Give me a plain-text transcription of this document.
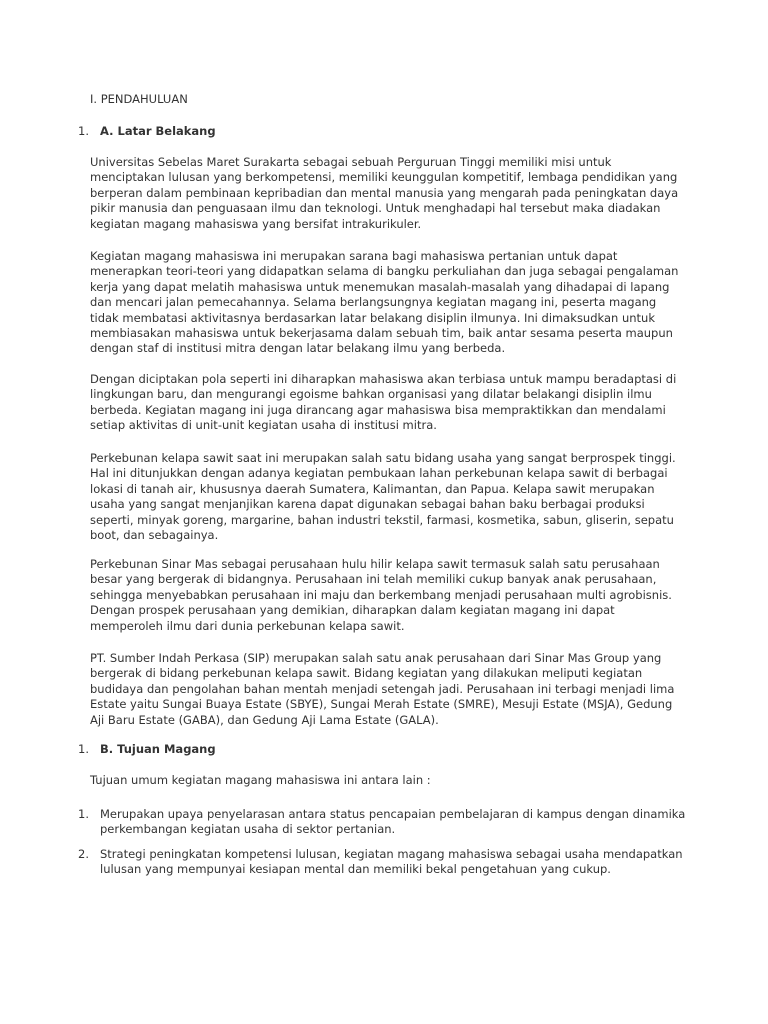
I. PENDAHULUAN
1. A. Latar Belakang

Universitas Sebelas Maret Surakarta sebagai sebuah Perguruan Tinggi memiliki misi untuk
menciptakan lulusan yang berkompetensi, memiliki keunggulan kompetitif, lembaga pendidikan yang
berperan dalam pembinaan kepribadian dan mental manusia yang mengarah pada peningkatan daya
pikir manusia dan penguasaan ilmu dan teknologi. Untuk menghadapi hal tersebut maka diadakan
kegiatan magang mahasiswa yang bersifat intrakurikuler.

Kegiatan magang mahasiswa ini merupakan sarana bagi mahasiswa pertanian untuk dapat
menerapkan teori-teori yang didapatkan selama di bangku perkuliahan dan juga sebagai pengalaman
kerja yang dapat melatih mahasiswa untuk menemukan masalah-masalah yang dihadapai di lapang
dan mencari jalan pemecahannya. Selama berlangsungnya kegiatan magang ini, peserta magang
tidak membatasi aktivitasnya berdasarkan latar belakang disiplin ilmunya. Ini dimaksudkan untuk
membiasakan mahasiswa untuk bekerjasama dalam sebuah tim, baik antar sesama peserta maupun
dengan staf di institusi mitra dengan latar belakang ilmu yang berbeda.

Dengan diciptakan pola seperti ini diharapkan mahasiswa akan terbiasa untuk mampu beradaptasi di
lingkungan baru, dan mengurangi egoisme bahkan organisasi yang dilatar belakangi disiplin ilmu
berbeda. Kegiatan magang ini juga dirancang agar mahasiswa bisa mempraktikkan dan mendalami
setiap aktivitas di unit-unit kegiatan usaha di institusi mitra.

Perkebunan kelapa sawit saat ini merupakan salah satu bidang usaha yang sangat berprospek tinggi.
Hal ini ditunjukkan dengan adanya kegiatan pembukaan lahan perkebunan kelapa sawit di berbagai
lokasi di tanah air, khususnya daerah Sumatera, Kalimantan, dan Papua. Kelapa sawit merupakan
usaha yang sangat menjanjikan karena dapat digunakan sebagai bahan baku berbagai produksi
seperti, minyak goreng, margarine, bahan industri tekstil, farmasi, kosmetika, sabun, gliserin, sepatu
boot, dan sebagainya.

Perkebunan Sinar Mas sebagai perusahaan hulu hilir kelapa sawit termasuk salah satu perusahaan
besar yang bergerak di bidangnya. Perusahaan ini telah memiliki cukup banyak anak perusahaan,
sehingga menyebabkan perusahaan ini maju dan berkembang menjadi perusahaan multi agrobisnis.
Dengan prospek perusahaan yang demikian, diharapkan dalam kegiatan magang ini dapat
memperoleh ilmu dari dunia perkebunan kelapa sawit.

PT. Sumber Indah Perkasa (SIP) merupakan salah satu anak perusahaan dari Sinar Mas Group yang
bergerak di bidang perkebunan kelapa sawit. Bidang kegiatan yang dilakukan meliputi kegiatan
budidaya dan pengolahan bahan mentah menjadi setengah jadi. Perusahaan ini terbagi menjadi lima
Estate yaitu Sungai Buaya Estate (SBYE), Sungai Merah Estate (SMRE), Mesuji Estate (MSJA), Gedung
Aji Baru Estate (GABA), dan Gedung Aji Lama Estate (GALA).

1. B. Tujuan Magang

Tujuan umum kegiatan magang mahasiswa ini antara lain :

1. Merupakan upaya penyelarasan antara status pencapaian pembelajaran di kampus dengan dinamika
perkembangan kegiatan usaha di sektor pertanian.
2. Strategi peningkatan kompetensi lulusan, kegiatan magang mahasiswa sebagai usaha mendapatkan
lulusan yang mempunyai kesiapan mental dan memiliki bekal pengetahuan yang cukup.
